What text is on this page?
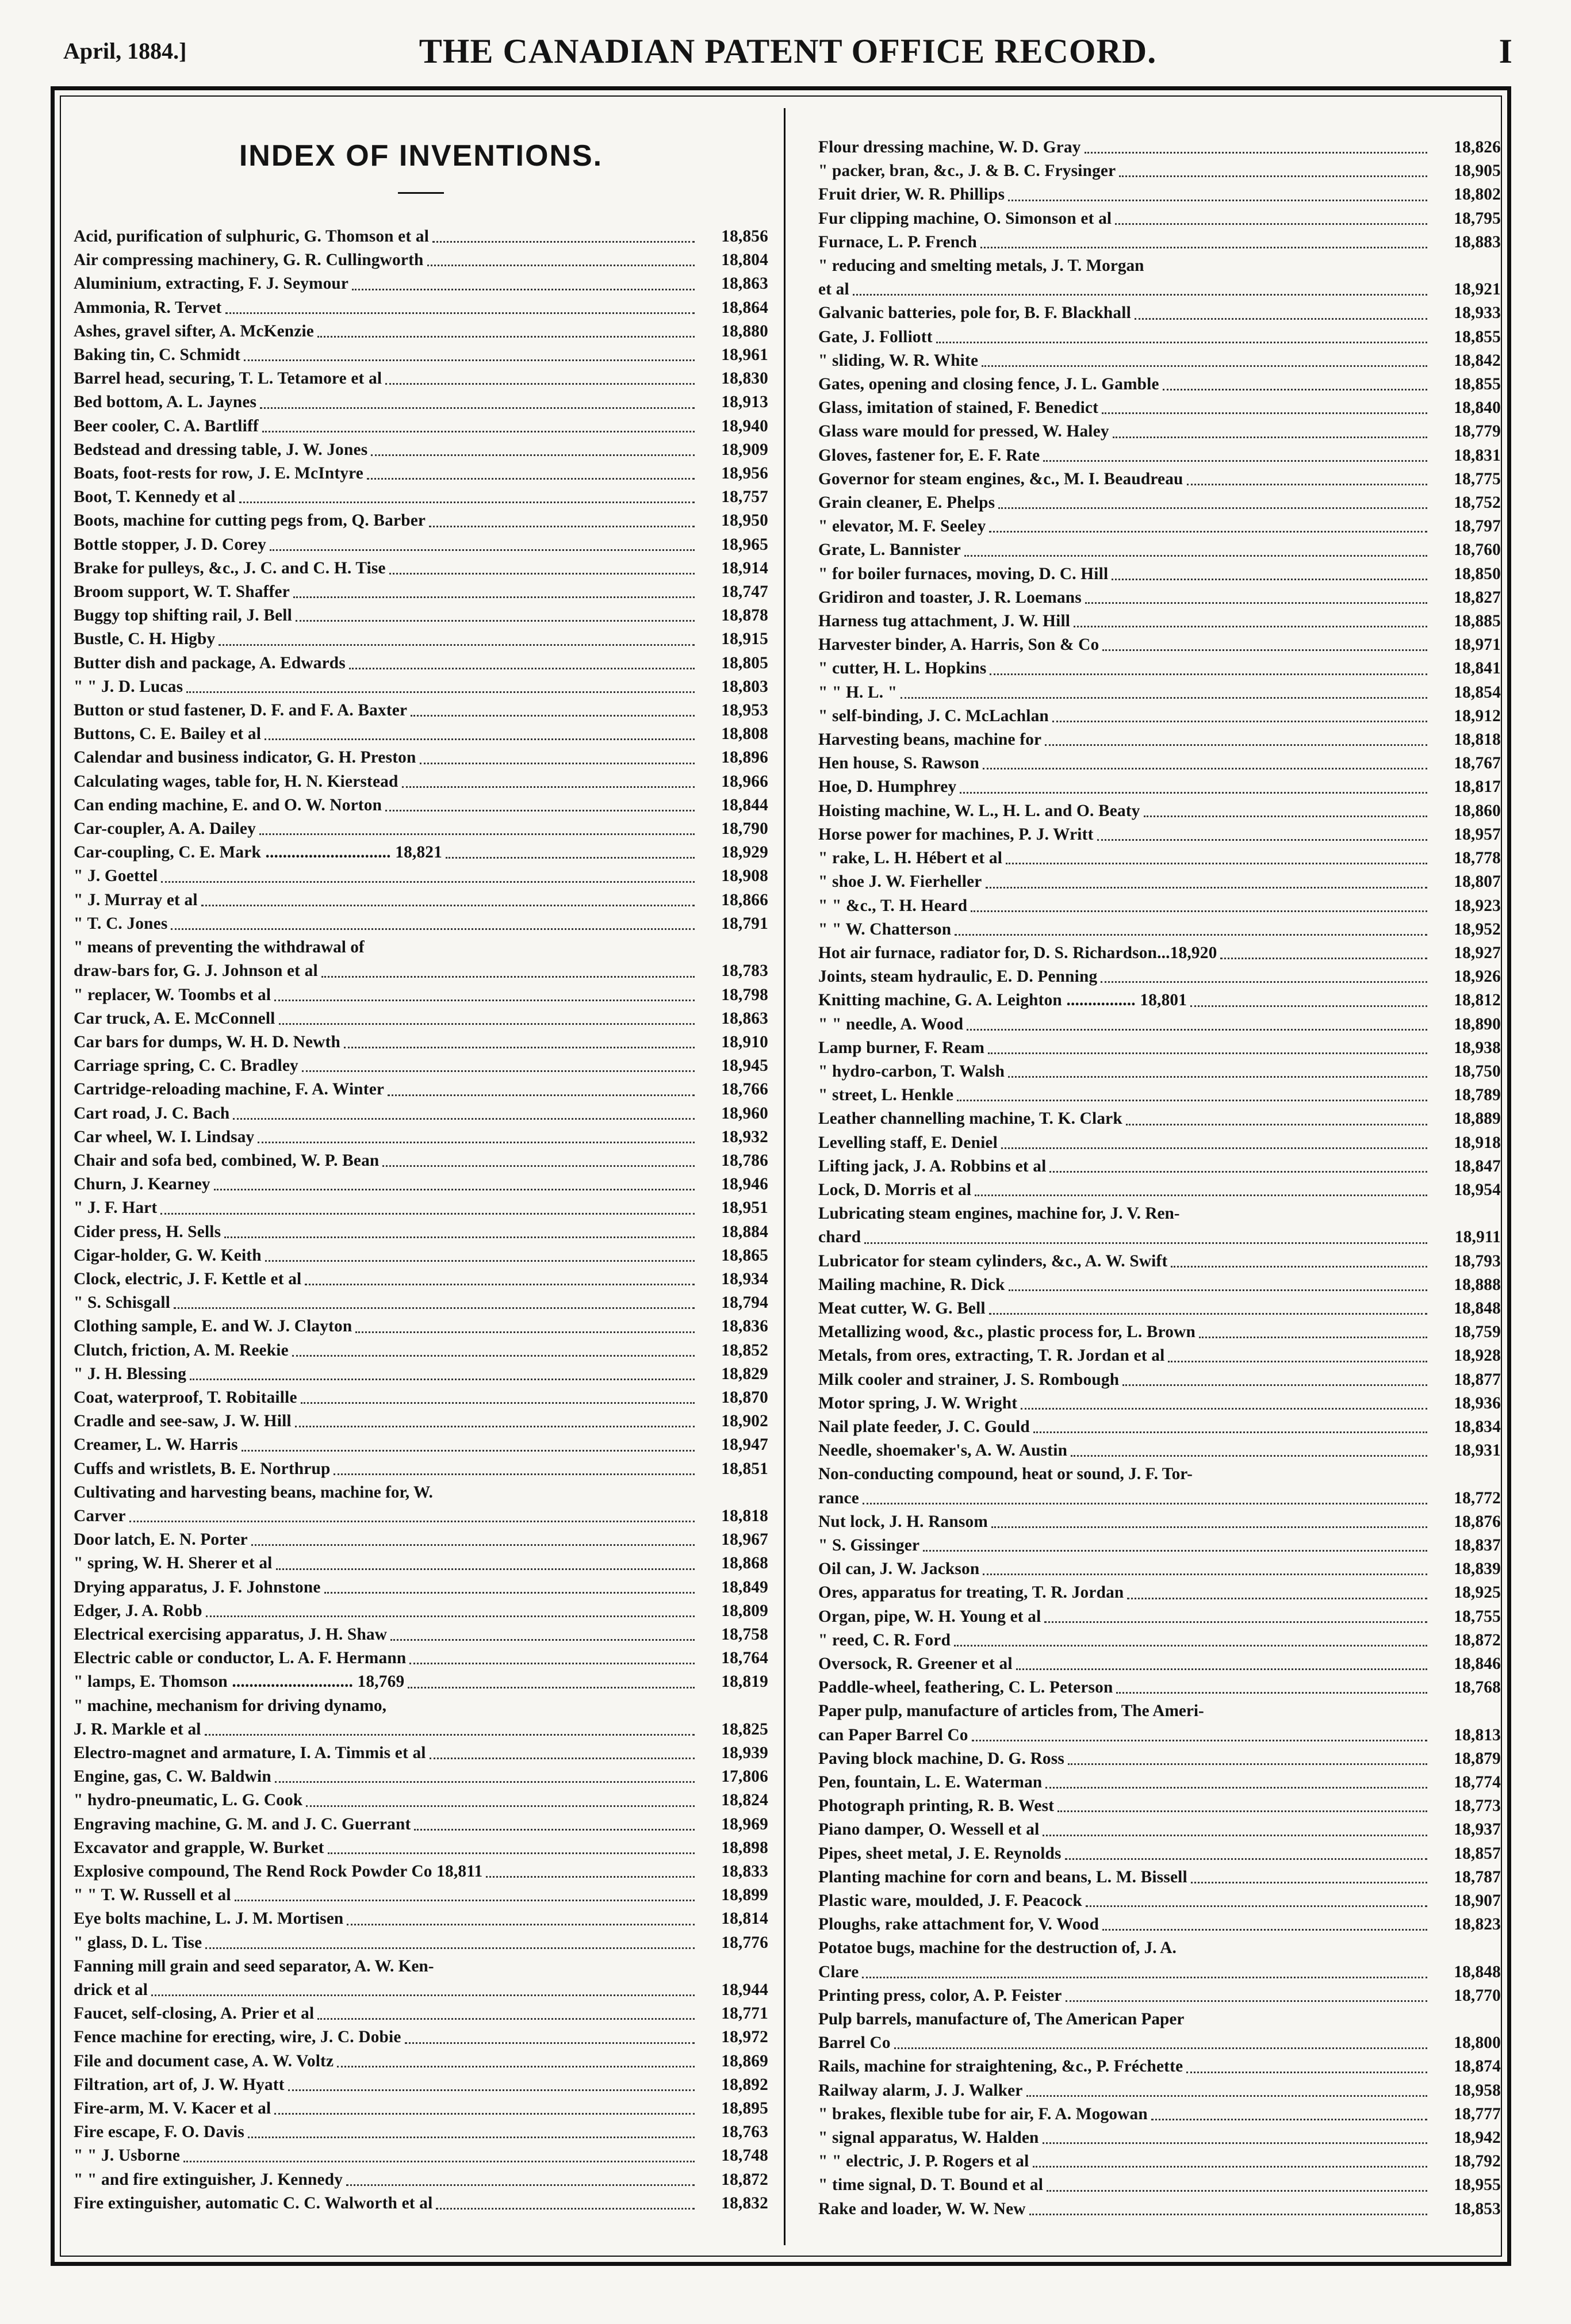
April, 1884.]	THE CANADIAN PATENT OFFICE RECORD.	I
INDEX OF INVENTIONS.
Acid, purification of sulphuric, G. Thomson et al	18,856
Air compressing machinery, G. R. Cullingworth	18,804
Aluminium, extracting, F. J. Seymour	18,863
Ammonia, R. Tervet	18,864
Ashes, gravel sifter, A. McKenzie	18,880
Baking tin, C. Schmidt	18,961
Barrel head, securing, T. L. Tetamore et al	18,830
Bed bottom, A. L. Jaynes	18,913
Beer cooler, C. A. Bartliff	18,940
Bedstead and dressing table, J. W. Jones	18,909
Boats, foot-rests for row, J. E. McIntyre	18,956
Boot, T. Kennedy et al	18,757
Boots, machine for cutting pegs from, Q. Barber	18,950
Bottle stopper, J. D. Corey	18,965
Brake for pulleys, &c., J. C. and C. H. Tise	18,914
Broom support, W. T. Shaffer	18,747
Buggy top shifting rail, J. Bell	18,878
Bustle, C. H. Higby	18,915
Butter dish and package, A. Edwards	18,805
" " J. D. Lucas	18,803
Button or stud fastener, D. F. and F. A. Baxter	18,953
Buttons, C. E. Bailey et al	18,808
Calendar and business indicator, G. H. Preston	18,896
Calculating wages, table for, H. N. Kierstead	18,966
Can ending machine, E. and O. W. Norton	18,844
Car-coupler, A. A. Dailey	18,790
Car-coupling, C. E. Mark ............................. 18,821	18,929
" J. Goettel	18,908
" J. Murray et al	18,866
" T. C. Jones	18,791
" means of preventing the withdrawal of
draw-bars for, G. J. Johnson et al	18,783
" replacer, W. Toombs et al	18,798
Car truck, A. E. McConnell	18,863
Car bars for dumps, W. H. D. Newth	18,910
Carriage spring, C. C. Bradley	18,945
Cartridge-reloading machine, F. A. Winter	18,766
Cart road, J. C. Bach	18,960
Car wheel, W. I. Lindsay	18,932
Chair and sofa bed, combined, W. P. Bean	18,786
Churn, J. Kearney	18,946
" J. F. Hart	18,951
Cider press, H. Sells	18,884
Cigar-holder, G. W. Keith	18,865
Clock, electric, J. F. Kettle et al	18,934
" S. Schisgall	18,794
Clothing sample, E. and W. J. Clayton	18,836
Clutch, friction, A. M. Reekie	18,852
" J. H. Blessing	18,829
Coat, waterproof, T. Robitaille	18,870
Cradle and see-saw, J. W. Hill	18,902
Creamer, L. W. Harris	18,947
Cuffs and wristlets, B. E. Northrup	18,851
Cultivating and harvesting beans, machine for, W.
Carver	18,818
Door latch, E. N. Porter	18,967
" spring, W. H. Sherer et al	18,868
Drying apparatus, J. F. Johnstone	18,849
Edger, J. A. Robb	18,809
Electrical exercising apparatus, J. H. Shaw	18,758
Electric cable or conductor, L. A. F. Hermann	18,764
" lamps, E. Thomson ............................ 18,769	18,819
" machine, mechanism for driving dynamo,
J. R. Markle et al	18,825
Electro-magnet and armature, I. A. Timmis et al	18,939
Engine, gas, C. W. Baldwin	17,806
" hydro-pneumatic, L. G. Cook	18,824
Engraving machine, G. M. and J. C. Guerrant	18,969
Excavator and grapple, W. Burket	18,898
Explosive compound, The Rend Rock Powder Co 18,811	18,833
" " T. W. Russell et al	18,899
Eye bolts machine, L. J. M. Mortisen	18,814
" glass, D. L. Tise	18,776
Fanning mill grain and seed separator, A. W. Ken-
drick et al	18,944
Faucet, self-closing, A. Prier et al	18,771
Fence machine for erecting, wire, J. C. Dobie	18,972
File and document case, A. W. Voltz	18,869
Filtration, art of, J. W. Hyatt	18,892
Fire-arm, M. V. Kacer et al	18,895
Fire escape, F. O. Davis	18,763
" " J. Usborne	18,748
" " and fire extinguisher, J. Kennedy	18,872
Fire extinguisher, automatic C. C. Walworth et al	18,832
Flour dressing machine, W. D. Gray	18,826
" packer, bran, &c., J. & B. C. Frysinger	18,905
Fruit drier, W. R. Phillips	18,802
Fur clipping machine, O. Simonson et al	18,795
Furnace, L. P. French	18,883
" reducing and smelting metals, J. T. Morgan
et al	18,921
Galvanic batteries, pole for, B. F. Blackhall	18,933
Gate, J. Folliott	18,855
" sliding, W. R. White	18,842
Gates, opening and closing fence, J. L. Gamble	18,855
Glass, imitation of stained, F. Benedict	18,840
Glass ware mould for pressed, W. Haley	18,779
Gloves, fastener for, E. F. Rate	18,831
Governor for steam engines, &c., M. I. Beaudreau	18,775
Grain cleaner, E. Phelps	18,752
" elevator, M. F. Seeley	18,797
Grate, L. Bannister	18,760
" for boiler furnaces, moving, D. C. Hill	18,850
Gridiron and toaster, J. R. Loemans	18,827
Harness tug attachment, J. W. Hill	18,885
Harvester binder, A. Harris, Son & Co	18,971
" cutter, H. L. Hopkins	18,841
" " H. L. "	18,854
" self-binding, J. C. McLachlan	18,912
Harvesting beans, machine for	18,818
Hen house, S. Rawson	18,767
Hoe, D. Humphrey	18,817
Hoisting machine, W. L., H. L. and O. Beaty	18,860
Horse power for machines, P. J. Writt	18,957
" rake, L. H. Hébert et al	18,778
" shoe J. W. Fierheller	18,807
" " &c., T. H. Heard	18,923
" " W. Chatterson	18,952
Hot air furnace, radiator for, D. S. Richardson...18,920	18,927
Joints, steam hydraulic, E. D. Penning	18,926
Knitting machine, G. A. Leighton ................ 18,801	18,812
" " needle, A. Wood	18,890
Lamp burner, F. Ream	18,938
" hydro-carbon, T. Walsh	18,750
" street, L. Henkle	18,789
Leather channelling machine, T. K. Clark	18,889
Levelling staff, E. Deniel	18,918
Lifting jack, J. A. Robbins et al	18,847
Lock, D. Morris et al	18,954
Lubricating steam engines, machine for, J. V. Ren-
chard	18,911
Lubricator for steam cylinders, &c., A. W. Swift	18,793
Mailing machine, R. Dick	18,888
Meat cutter, W. G. Bell	18,848
Metallizing wood, &c., plastic process for, L. Brown	18,759
Metals, from ores, extracting, T. R. Jordan et al	18,928
Milk cooler and strainer, J. S. Rombough	18,877
Motor spring, J. W. Wright	18,936
Nail plate feeder, J. C. Gould	18,834
Needle, shoemaker's, A. W. Austin	18,931
Non-conducting compound, heat or sound, J. F. Tor-
rance	18,772
Nut lock, J. H. Ransom	18,876
" S. Gissinger	18,837
Oil can, J. W. Jackson	18,839
Ores, apparatus for treating, T. R. Jordan	18,925
Organ, pipe, W. H. Young et al	18,755
" reed, C. R. Ford	18,872
Oversock, R. Greener et al	18,846
Paddle-wheel, feathering, C. L. Peterson	18,768
Paper pulp, manufacture of articles from, The Ameri-
can Paper Barrel Co	18,813
Paving block machine, D. G. Ross	18,879
Pen, fountain, L. E. Waterman	18,774
Photograph printing, R. B. West	18,773
Piano damper, O. Wessell et al	18,937
Pipes, sheet metal, J. E. Reynolds	18,857
Planting machine for corn and beans, L. M. Bissell	18,787
Plastic ware, moulded, J. F. Peacock	18,907
Ploughs, rake attachment for, V. Wood	18,823
Potatoe bugs, machine for the destruction of, J. A.
Clare	18,848
Printing press, color, A. P. Feister	18,770
Pulp barrels, manufacture of, The American Paper
Barrel Co	18,800
Rails, machine for straightening, &c., P. Fréchette	18,874
Railway alarm, J. J. Walker	18,958
" brakes, flexible tube for air, F. A. Mogowan	18,777
" signal apparatus, W. Halden	18,942
" " electric, J. P. Rogers et al	18,792
" time signal, D. T. Bound et al	18,955
Rake and loader, W. W. New	18,853
